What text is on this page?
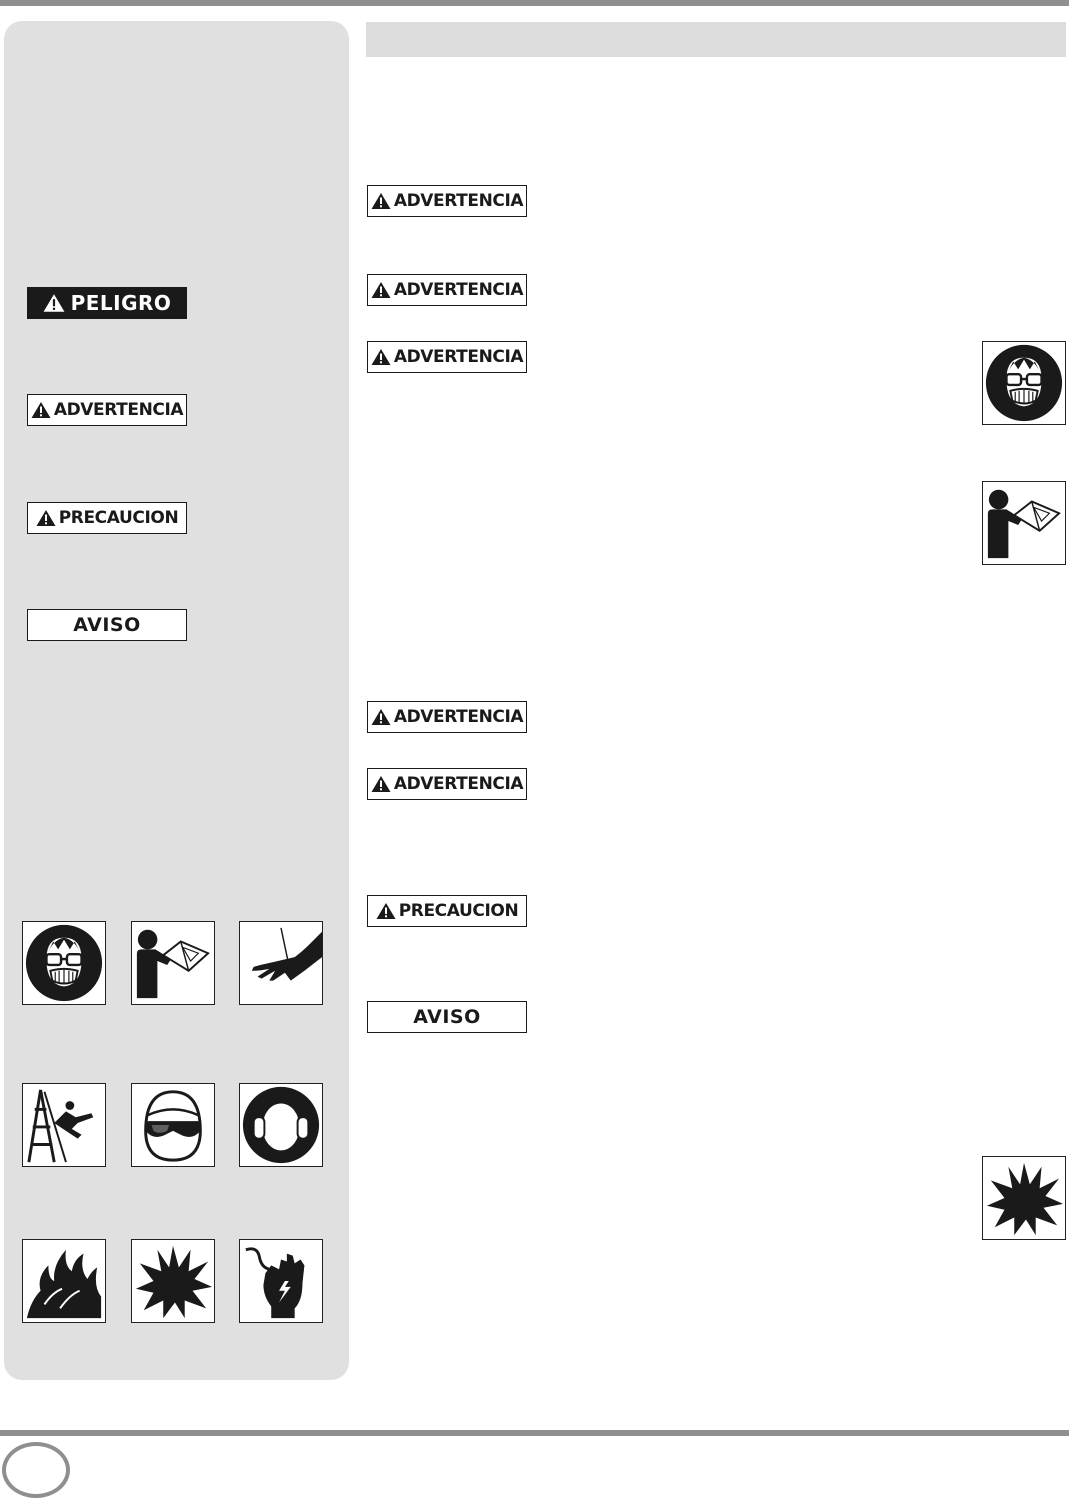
PELIGRO
ADVERTENCIA
PRECAUCION
AVISO
ADVERTENCIA
ADVERTENCIA
ADVERTENCIA
ADVERTENCIA
ADVERTENCIA
PRECAUCION
AVISO
